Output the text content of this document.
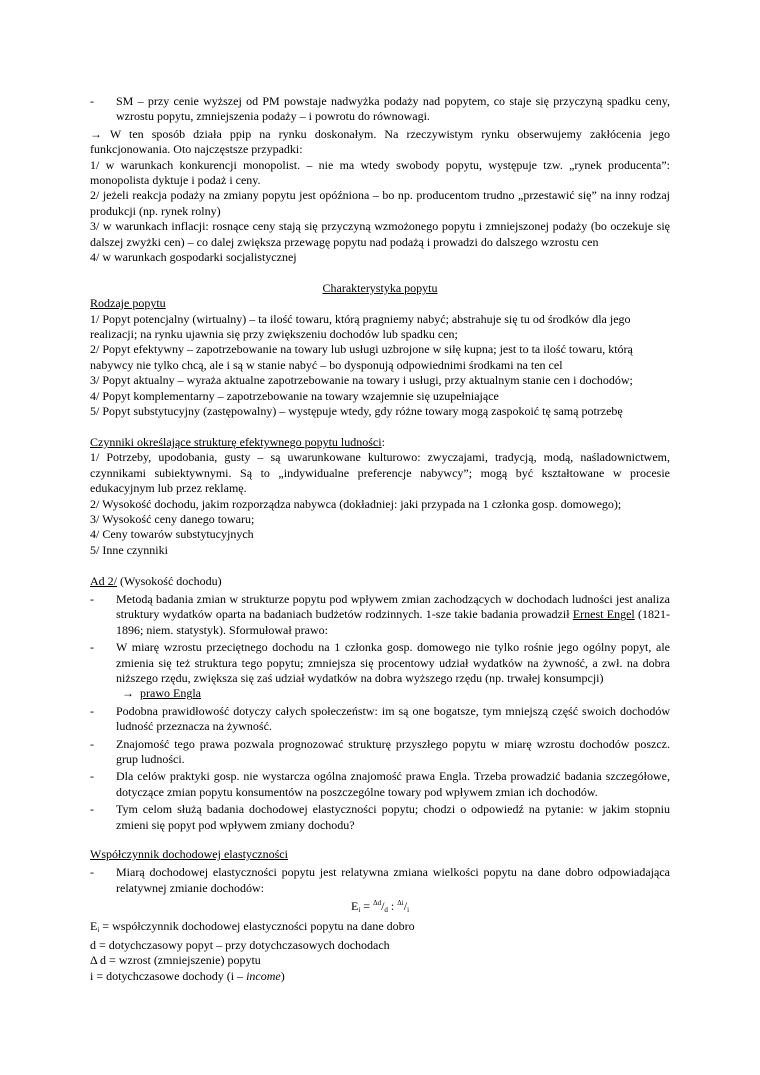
- SM – przy cenie wyższej od PM powstaje nadwyżka podaży nad popytem, co staje się przyczyną spadku ceny, wzrostu popytu, zmniejszenia podaży – i powrotu do równowagi.

→ W ten sposób działa ppip na rynku doskonałym. Na rzeczywistym rynku obserwujemy zakłócenia jego funkcjonowania. Oto najczęstsze przypadki:

1/ w warunkach konkurencji monopolist. – nie ma wtedy swobody popytu, występuje tzw. „rynek producenta”: monopolista dyktuje i podaż i ceny.

2/ jeżeli reakcja podaży na zmiany popytu jest opóźniona – bo np. producentom trudno „przestawić się” na inny rodzaj produkcji (np. rynek rolny)

3/ w warunkach inflacji: rosnące ceny stają się przyczyną wzmożonego popytu i zmniejszonej podaży (bo oczekuje się dalszej zwyżki cen) – co dalej zwiększa przewagę popytu nad podażą i prowadzi do dalszego wzrostu cen

4/ w warunkach gospodarki socjalistycznej

Charakterystyka popytu

Rodzaje popytu

1/ Popyt potencjalny (wirtualny) – ta ilość towaru, którą pragniemy nabyć; abstrahuje się tu od środków dla jego realizacji; na rynku ujawnia się przy zwiększeniu dochodów lub spadku cen;

2/ Popyt efektywny – zapotrzebowanie na towary lub usługi uzbrojone w siłę kupna; jest to ta ilość towaru, którą nabywcy nie tylko chcą, ale i są w stanie nabyć – bo dysponują odpowiednimi środkami na ten cel

3/ Popyt aktualny – wyraża aktualne zapotrzebowanie na towary i usługi, przy aktualnym stanie cen i dochodów;

4/ Popyt komplementarny – zapotrzebowanie na towary wzajemnie się uzupełniające

5/ Popyt substytucyjny (zastępowalny) – występuje wtedy, gdy różne towary mogą zaspokoić tę samą potrzebę

Czynniki określające strukturę efektywnego popytu ludności:

1/ Potrzeby, upodobania, gusty – są uwarunkowane kulturowo: zwyczajami, tradycją, modą, naśladownictwem, czynnikami subiektywnymi. Są to „indywidualne preferencje nabywcy”; mogą być kształtowane w procesie edukacyjnym lub przez reklamę.

2/ Wysokość dochodu, jakim rozporządza nabywca (dokładniej: jaki przypada na 1 członka gosp. domowego);

3/ Wysokość ceny danego towaru;

4/ Ceny towarów substytucyjnych

5/ Inne czynniki

Ad 2/ (Wysokość dochodu)

- Metodą badania zmian w strukturze popytu pod wpływem zmian zachodzących w dochodach ludności jest analiza struktury wydatków oparta na badaniach budżetów rodzinnych. 1-sze takie badania prowadził Ernest Engel (1821-1896; niem. statystyk). Sformułował prawo:
- W miarę wzrostu przeciętnego dochodu na 1 członka gosp. domowego nie tylko rośnie jego ogólny popyt, ale zmienia się też struktura tego popytu; zmniejsza się procentowy udział wydatków na żywność, a zwł. na dobra niższego rzędu, zwiększa się zaś udział wydatków na dobra wyższego rzędu (np. trwałej konsumpcji)
→ prawo Engla
- Podobna prawidłowość dotyczy całych społeczeństw: im są one bogatsze, tym mniejszą część swoich dochodów ludność przeznacza na żywność.
- Znajomość tego prawa pozwala prognozować strukturę przyszłego popytu w miarę wzrostu dochodów poszcz. grup ludności.
- Dla celów praktyki gosp. nie wystarcza ogólna znajomość prawa Engla. Trzeba prowadzić badania szczegółowe, dotyczące zmian popytu konsumentów na poszczególne towary pod wpływem zmian ich dochodów.
- Tym celom służą badania dochodowej elastyczności popytu; chodzi o odpowiedź na pytanie: w jakim stopniu zmieni się popyt pod wpływem zmiany dochodu?

Współczynnik dochodowej elastyczności

- Miarą dochodowej elastyczności popytu jest relatywna zmiana wielkości popytu na dane dobro odpowiadająca relatywnej zmianie dochodów:

$E_i = ^{\Delta d}/_d$ : $^{\Delta i}/_i$

$E_i$ = współczynnik dochodowej elastyczności popytu na dane dobro

d = dotychczasowy popyt – przy dotychczasowych dochodach

Δ d = wzrost (zmniejszenie) popytu

i = dotychczasowe dochody (i – income)
